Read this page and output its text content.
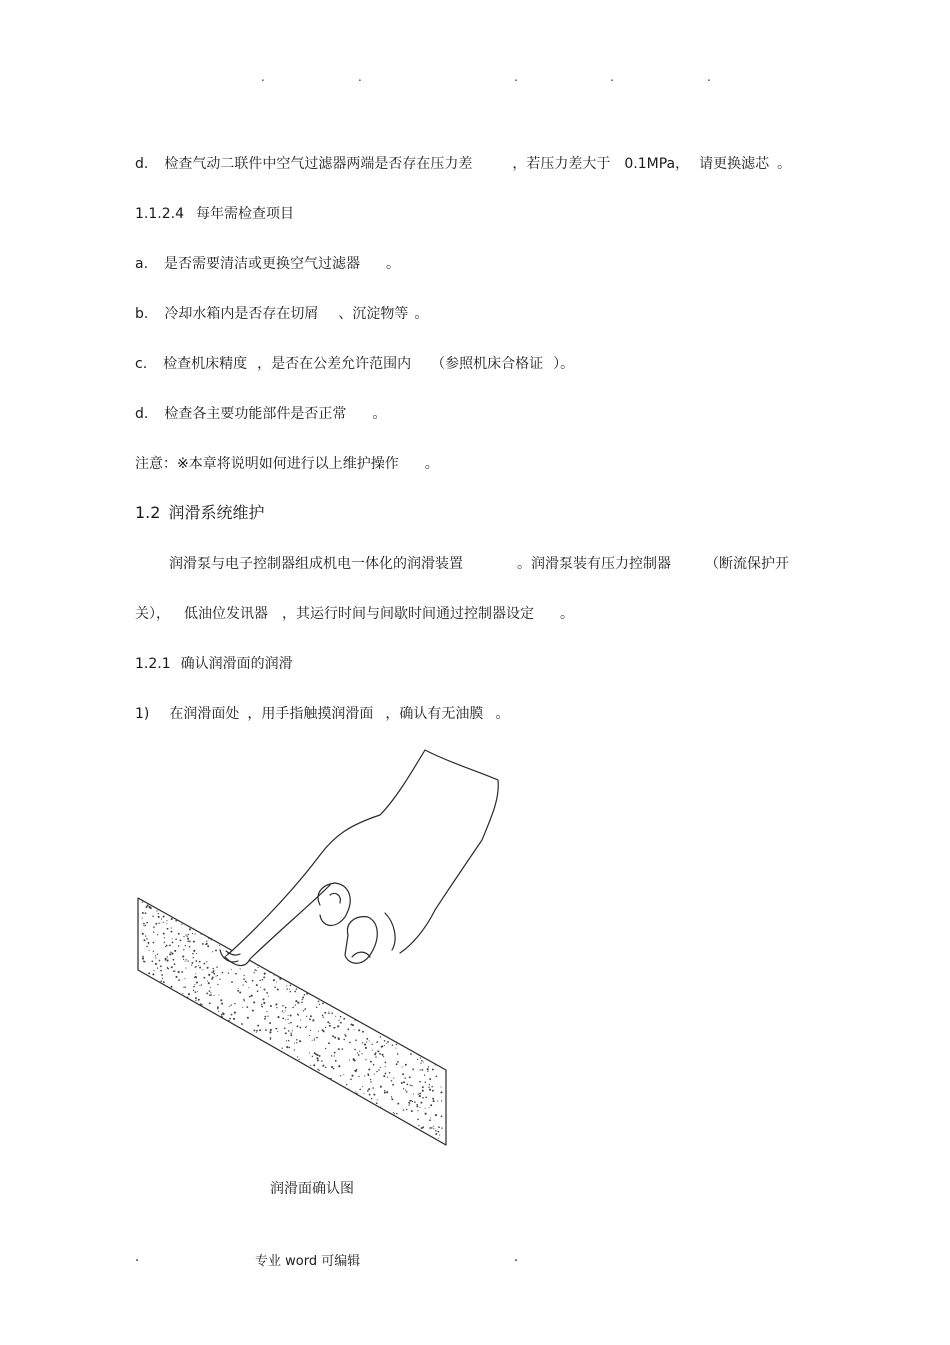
.	.	.	.	.
d. 检查气动二联件中空气过滤器两端是否存在压力差	，若压力差大于 0.1MPa， 请更换滤芯 。
1.1.2.4 每年需检查项目
a. 是否需要清洁或更换空气过滤器 。
b. 冷却水箱内是否存在切屑 、沉淀物等 。
c. 检查机床精度 ，是否在公差允许范围内 （参照机床合格证 ）。
d. 检查各主要功能部件是否正常 。
注意：※本章将说明如何进行以上维护操作 。
1.2 润滑系统维护
润滑泵与电子控制器组成机电一体化的润滑装置	。润滑泵装有压力控制器 （断流保护开
关）， 低油位发讯器 ，其运行时间与间歇时间通过控制器设定 。
1.2.1 确认润滑面的润滑
1) 在润滑面处 ，用手指触摸润滑面 ，确认有无油膜 。
润滑面确认图
.	专业 word 可编辑	.
